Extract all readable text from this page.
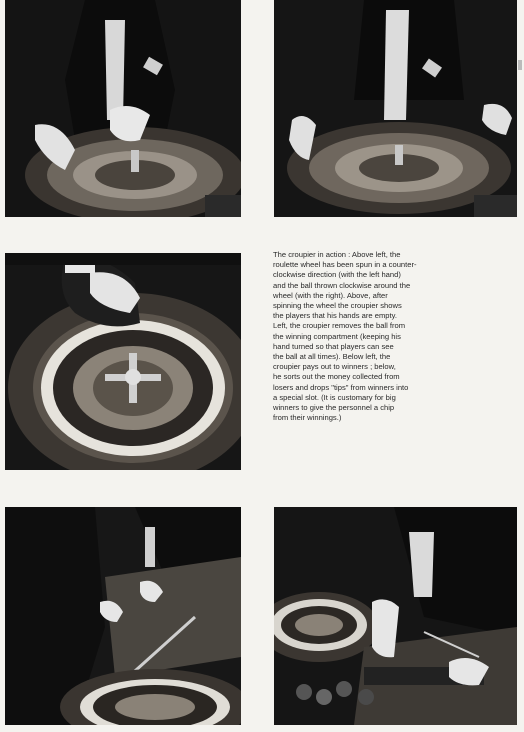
The croupier in action : Above left, the
roulette wheel has been spun in a counter-
clockwise direction (with the left hand)
and the ball thrown clockwise around the
wheel (with the right). Above, after
spinning the wheel the croupier shows
the players that his hands are empty.
Left, the croupier removes the ball from
the winning compartment (keeping his
hand turned so that players can see
the ball at all times). Below left, the
croupier pays out to winners ; below,
he sorts out the money collected from
losers and drops "tips" from winners into
a special slot. (It is customary for big
winners to give the personnel a chip
from their winnings.)
